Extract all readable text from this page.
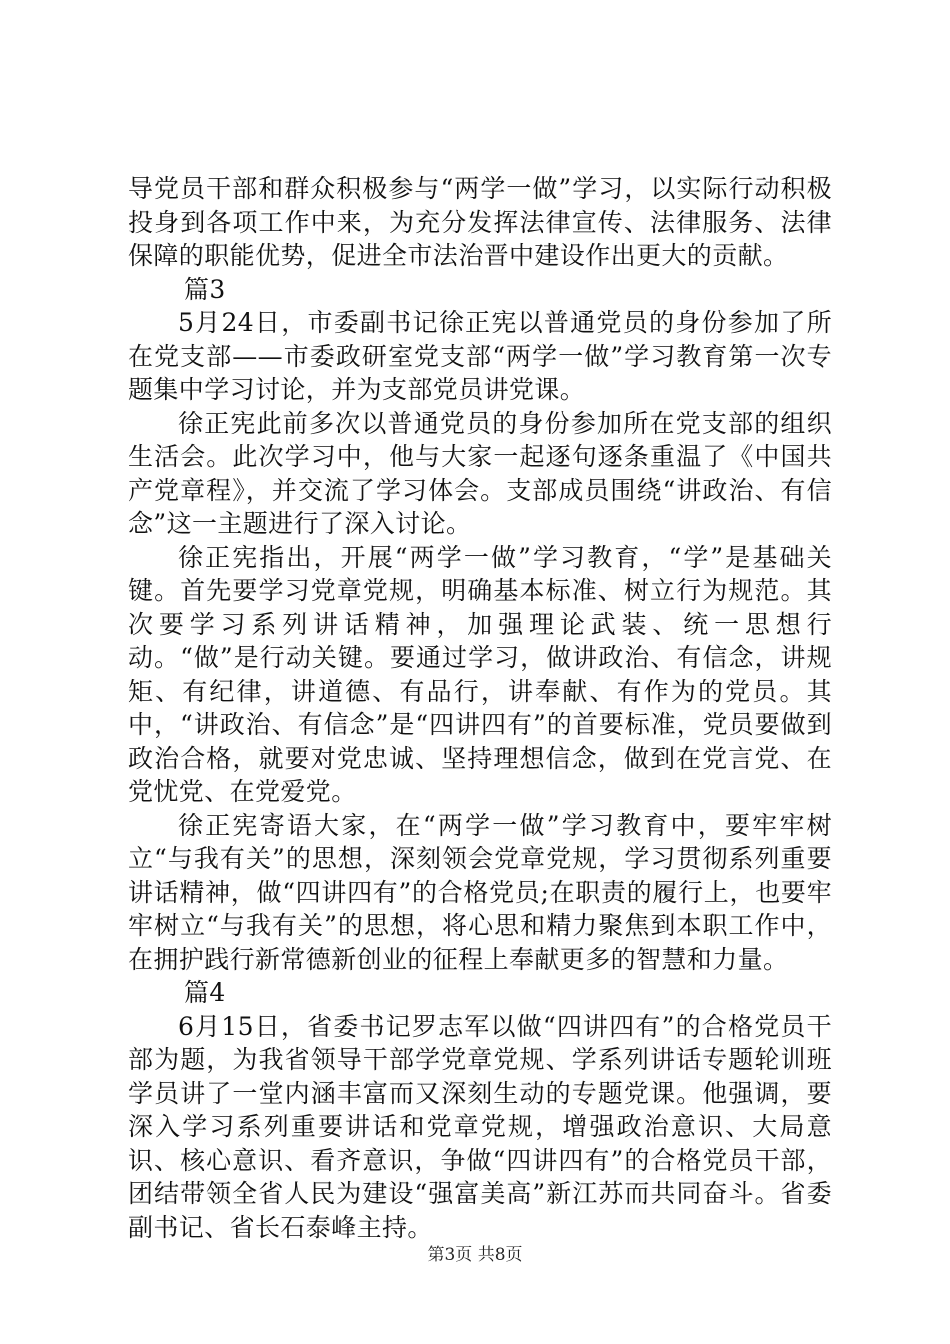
导党员干部和群众积极参与“两学一做”学习，以实际行动积极投身到各项工作中来，为充分发挥法律宣传、法律服务、法律保障的职能优势，促进全市法治晋中建设作出更大的贡献。

篇3

5月24日，市委副书记徐正宪以普通党员的身份参加了所在党支部——市委政研室党支部“两学一做”学习教育第一次专题集中学习讨论，并为支部党员讲党课。

徐正宪此前多次以普通党员的身份参加所在党支部的组织生活会。此次学习中，他与大家一起逐句逐条重温了《中国共产党章程》，并交流了学习体会。支部成员围绕“讲政治、有信念”这一主题进行了深入讨论。

徐正宪指出，开展“两学一做”学习教育，“学”是基础关键。首先要学习党章党规，明确基本标准、树立行为规范。其次要学习系列讲话精神，加强理论武装、统一思想行动。“做”是行动关键。要通过学习，做讲政治、有信念，讲规矩、有纪律，讲道德、有品行，讲奉献、有作为的党员。其中，“讲政治、有信念”是“四讲四有”的首要标准，党员要做到政治合格，就要对党忠诚、坚持理想信念，做到在党言党、在党忧党、在党爱党。

徐正宪寄语大家，在“两学一做”学习教育中，要牢牢树立“与我有关”的思想，深刻领会党章党规，学习贯彻系列重要讲话精神，做“四讲四有”的合格党员;在职责的履行上，也要牢牢树立“与我有关”的思想，将心思和精力聚焦到本职工作中，在拥护践行新常德新创业的征程上奉献更多的智慧和力量。

篇4

6月15日，省委书记罗志军以做“四讲四有”的合格党员干部为题，为我省领导干部学党章党规、学系列讲话专题轮训班学员讲了一堂内涵丰富而又深刻生动的专题党课。他强调，要深入学习系列重要讲话和党章党规，增强政治意识、大局意识、核心意识、看齐意识，争做“四讲四有”的合格党员干部，团结带领全省人民为建设“强富美高”新江苏而共同奋斗。省委副书记、省长石泰峰主持。

第3页 共8页
